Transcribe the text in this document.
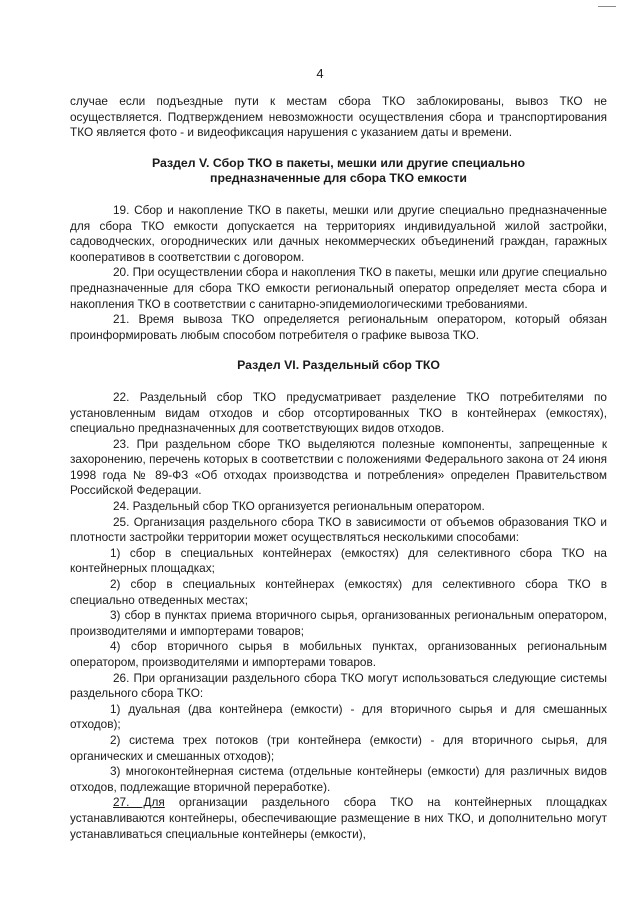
4

случае если подъездные пути к местам сбора ТКО заблокированы, вывоз ТКО не осуществляется. Подтверждением невозможности осуществления сбора и транспортирования ТКО является фото - и видеофиксация нарушения с указанием даты и времени.

Раздел V. Сбор ТКО в пакеты, мешки или другие специально
предназначенные для сбора ТКО емкости

19. Сбор и накопление ТКО в пакеты, мешки или другие специально предназначенные для сбора ТКО емкости допускается на территориях индивидуальной жилой застройки, садоводческих, огороднических или дачных некоммерческих объединений граждан, гаражных кооперативов в соответствии с договором.

20. При осуществлении сбора и накопления ТКО в пакеты, мешки или другие специально предназначенные для сбора ТКО емкости региональный оператор определяет места сбора и накопления ТКО в соответствии с санитарно-эпидемиологическими требованиями.

21. Время вывоза ТКО определяется региональным оператором, который обязан проинформировать любым способом потребителя о графике вывоза ТКО.

Раздел VI. Раздельный сбор ТКО

22. Раздельный сбор ТКО предусматривает разделение ТКО потребителями по установленным видам отходов и сбор отсортированных ТКО в контейнерах (емкостях), специально предназначенных для соответствующих видов отходов.

23. При раздельном сборе ТКО выделяются полезные компоненты, запрещенные к захоронению, перечень которых в соответствии с положениями Федерального закона от 24 июня 1998 года № 89-ФЗ «Об отходах производства и потребления» определен Правительством Российской Федерации.

24. Раздельный сбор ТКО организуется региональным оператором.

25. Организация раздельного сбора ТКО в зависимости от объемов образования ТКО и плотности застройки территории может осуществляться несколькими способами:

1) сбор в специальных контейнерах (емкостях) для селективного сбора ТКО на контейнерных площадках;

2) сбор в специальных контейнерах (емкостях) для селективного сбора ТКО в специально отведенных местах;

3) сбор в пунктах приема вторичного сырья, организованных региональным оператором, производителями и импортерами товаров;

4) сбор вторичного сырья в мобильных пунктах, организованных региональным оператором, производителями и импортерами товаров.

26. При организации раздельного сбора ТКО могут использоваться следующие системы раздельного сбора ТКО:

1) дуальная (два контейнера (емкости) - для вторичного сырья и для смешанных отходов);

2) система трех потоков (три контейнера (емкости) - для вторичного сырья, для органических и смешанных отходов);

3) многоконтейнерная система (отдельные контейнеры (емкости) для различных видов отходов, подлежащие вторичной переработке).

27. Для организации раздельного сбора ТКО на контейнерных площадках устанавливаются контейнеры, обеспечивающие размещение в них ТКО, и дополнительно могут устанавливаться специальные контейнеры (емкости),
